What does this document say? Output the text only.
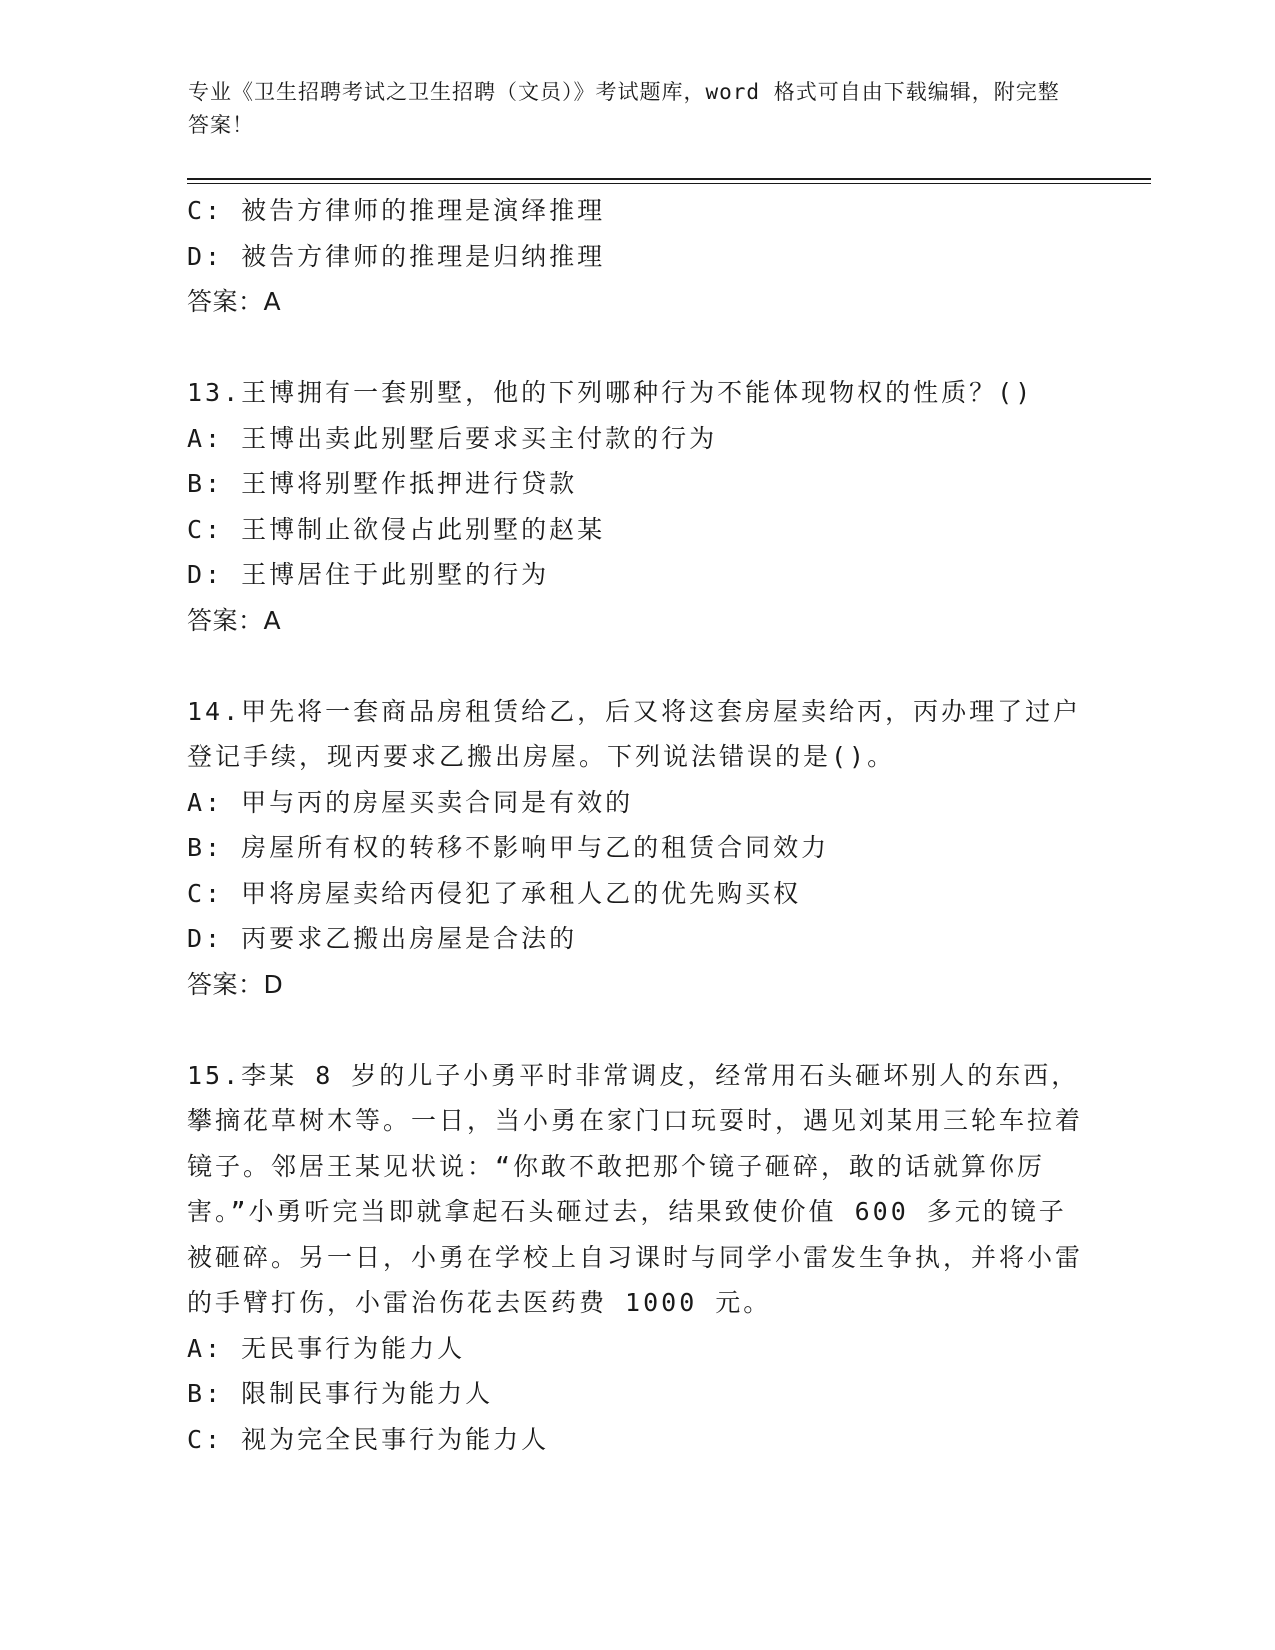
专业《卫生招聘考试之卫生招聘（文员）》考试题库，word 格式可自由下载编辑，附完整答案！
C: 被告方律师的推理是演绎推理
D: 被告方律师的推理是归纳推理
答案：A
13.王博拥有一套别墅，他的下列哪种行为不能体现物权的性质？()
A: 王博出卖此别墅后要求买主付款的行为
B: 王博将别墅作抵押进行贷款
C: 王博制止欲侵占此别墅的赵某
D: 王博居住于此别墅的行为
答案：A
14.甲先将一套商品房租赁给乙，后又将这套房屋卖给丙，丙办理了过户登记手续，现丙要求乙搬出房屋。下列说法错误的是()。
A: 甲与丙的房屋买卖合同是有效的
B: 房屋所有权的转移不影响甲与乙的租赁合同效力
C: 甲将房屋卖给丙侵犯了承租人乙的优先购买权
D: 丙要求乙搬出房屋是合法的
答案：D
15.李某 8 岁的儿子小勇平时非常调皮，经常用石头砸坏别人的东西，攀摘花草树木等。一日，当小勇在家门口玩耍时，遇见刘某用三轮车拉着镜子。邻居王某见状说：“你敢不敢把那个镜子砸碎，敢的话就算你厉害。”小勇听完当即就拿起石头砸过去，结果致使价值 600 多元的镜子被砸碎。另一日，小勇在学校上自习课时与同学小雷发生争执，并将小雷的手臂打伤，小雷治伤花去医药费 1000 元。
A: 无民事行为能力人
B: 限制民事行为能力人
C: 视为完全民事行为能力人
